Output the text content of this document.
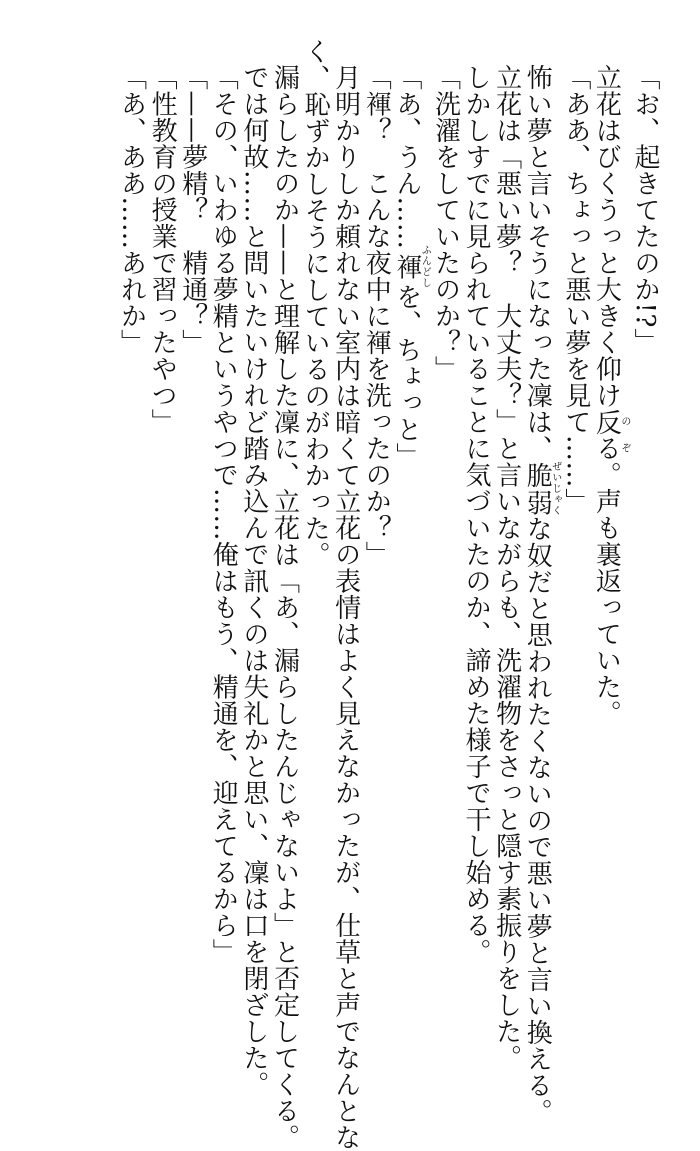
「お、起きてたのか!?」
立花はびくうっと大きく仰け反のるぞ。声も裏返っていた。
「ああ、ちょっと悪い夢を見て……」
怖い夢と言いそうになった凜は、脆弱ぜいじゃくな奴だと思われたくないので悪い夢と言い換える。
立花は「悪い夢？　大丈夫？」と言いながらも、洗濯物をさっと隠す素振りをした。
しかしすでに見られていることに気づいたのか、諦めた様子で干し始める。
「洗濯をしていたのか？」
「あ、うん……褌ふんどしを、ちょっと」
「褌？　こんな夜中に褌を洗ったのか？」
月明かりしか頼れない室内は暗くて立花の表情はよく見えなかったが、仕草と声でなんとな
く、恥ずかしそうにしているのがわかった。
漏らしたのか——と理解した凜に、立花は「あ、漏らしたんじゃないよ」と否定してくる。
では何故……と問いたいけれど踏み込んで訊くのは失礼かと思い、凜は口を閉ざした。
「その、いわゆる夢精というやつで……俺はもう、精通を、迎えてるから」
「——夢精？　精通？」
「性教育の授業で習ったやつ」
「あ、ああ……あれか」
